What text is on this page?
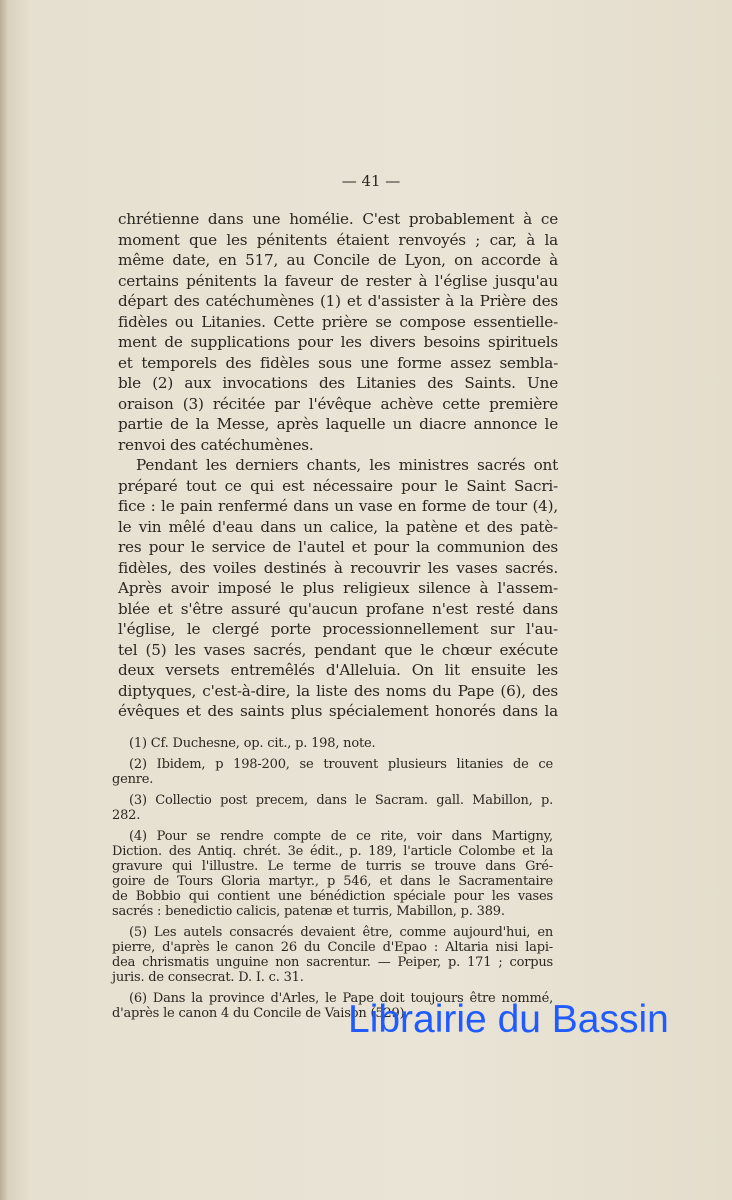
— 41 —
chrétienne dans une homélie. C'est probablement à ce
moment que les pénitents étaient renvoyés ; car, à la
même date, en 517, au Concile de Lyon, on accorde à
certains pénitents la faveur de rester à l'église jusqu'au
départ des catéchumènes (1) et d'assister à la Prière des
fidèles ou Litanies. Cette prière se compose essentielle-
ment de supplications pour les divers besoins spirituels
et temporels des fidèles sous une forme assez sembla-
ble (2) aux invocations des Litanies des Saints. Une
oraison (3) récitée par l'évêque achève cette première
partie de la Messe, après laquelle un diacre annonce le
renvoi des catéchumènes.
Pendant les derniers chants, les ministres sacrés ont
préparé tout ce qui est nécessaire pour le Saint Sacri-
fice : le pain renfermé dans un vase en forme de tour (4),
le vin mêlé d'eau dans un calice, la patène et des patè-
res pour le service de l'autel et pour la communion des
fidèles, des voiles destinés à recouvrir les vases sacrés.
Après avoir imposé le plus religieux silence à l'assem-
blée et s'être assuré qu'aucun profane n'est resté dans
l'église, le clergé porte processionnellement sur l'au-
tel (5) les vases sacrés, pendant que le chœur exécute
deux versets entremêlés d'Alleluia. On lit ensuite les
diptyques, c'est-à-dire, la liste des noms du Pape (6), des
évêques et des saints plus spécialement honorés dans la
(1) Cf. Duchesne, op. cit., p. 198, note.
(2) Ibidem, p 198-200, se trouvent plusieurs litanies de ce
genre.
(3) Collectio post precem, dans le Sacram. gall. Mabillon, p.
282.
(4) Pour se rendre compte de ce rite, voir dans Martigny,
Diction. des Antiq. chrét. 3e édit., p. 189, l'article Colombe et la
gravure qui l'illustre. Le terme de turris se trouve dans Gré-
goire de Tours Gloria martyr., p 546, et dans le Sacramentaire
de Bobbio qui contient une bénédiction spéciale pour les vases
sacrés : benedictio calicis, patenæ et turris, Mabillon, p. 389.
(5) Les autels consacrés devaient être, comme aujourd'hui, en
pierre, d'après le canon 26 du Concile d'Epao : Altaria nisi lapi-
dea chrismatis unguine non sacrentur. — Peiper, p. 171 ; corpus
juris. de consecrat. D. I. c. 31.
(6) Dans la province d'Arles, le Pape doit toujours être nommé,
d'après le canon 4 du Concile de Vaison (529).
Librairie du Bassin
